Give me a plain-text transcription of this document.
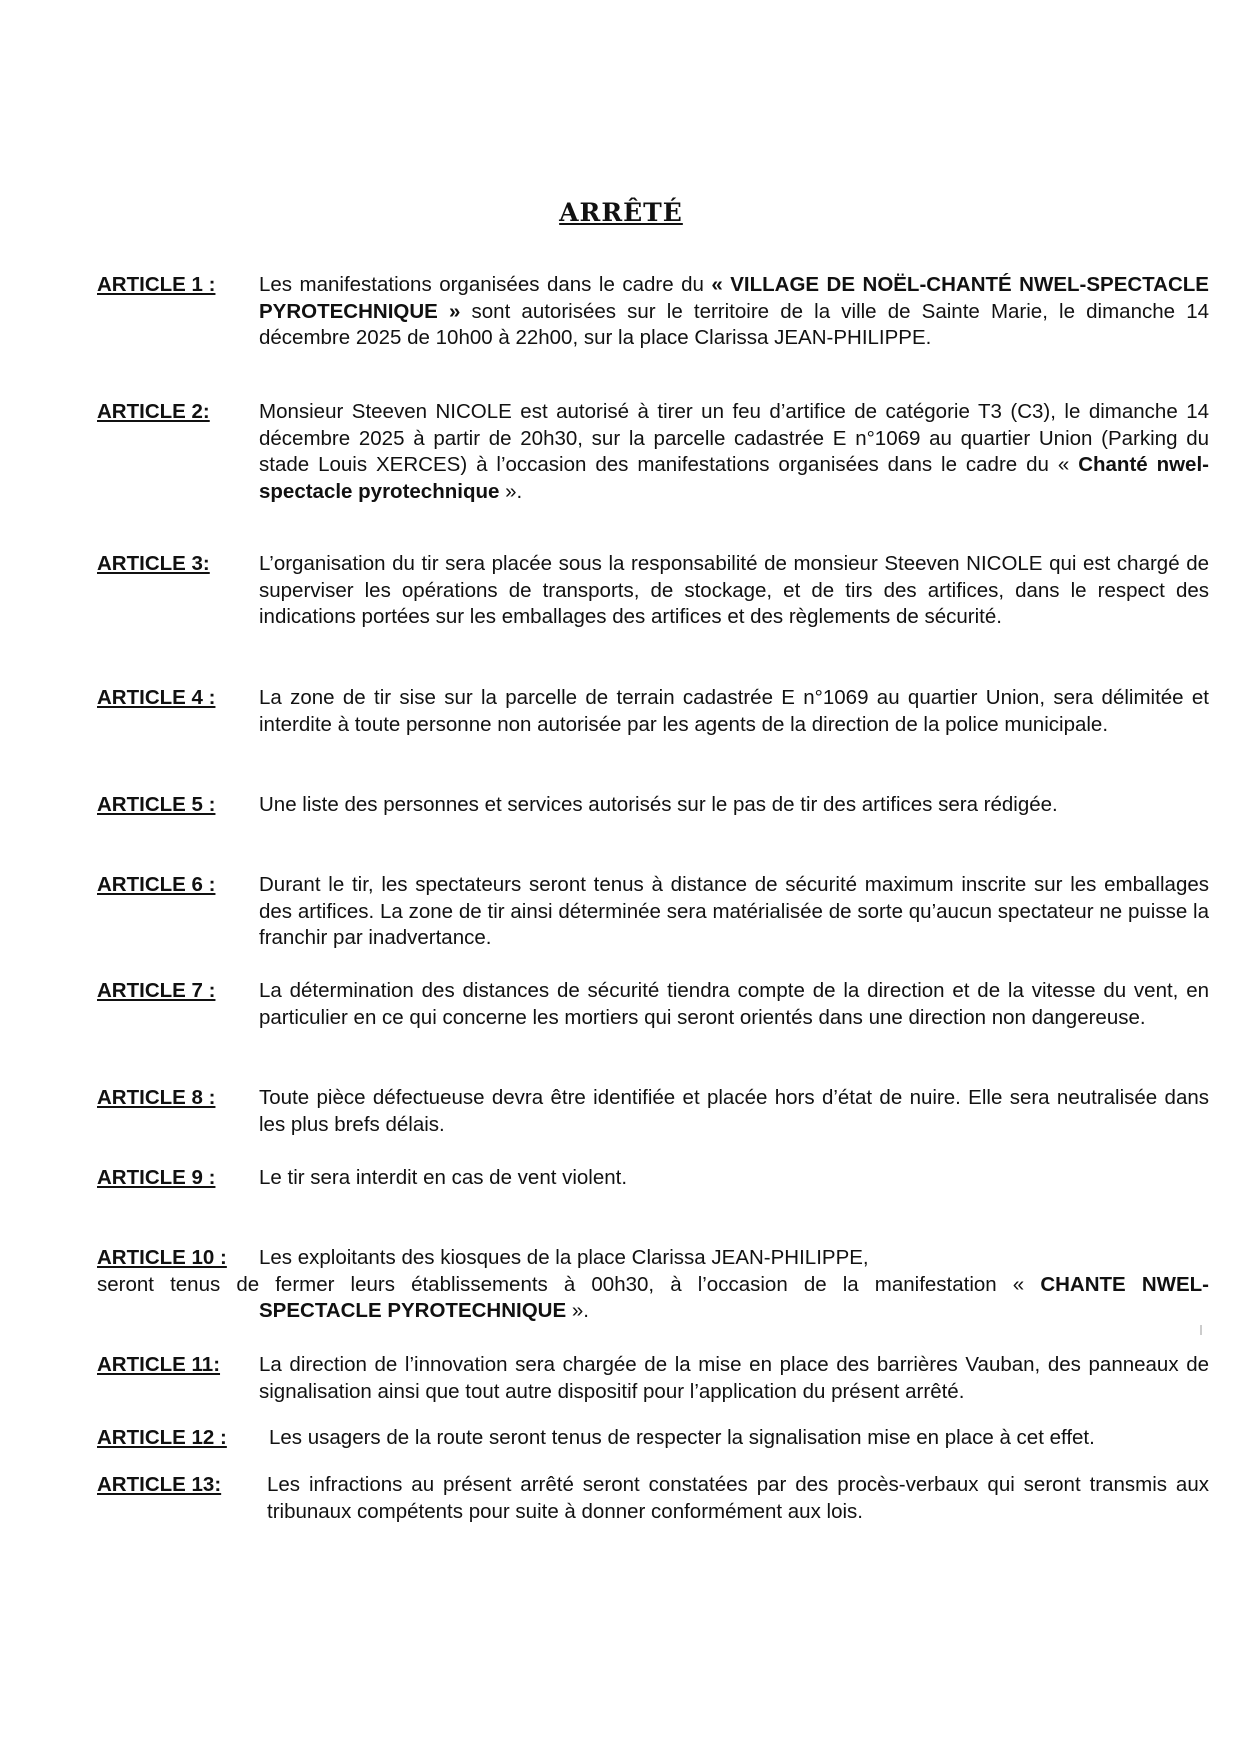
ARRÊTÉ
ARTICLE 1 : Les manifestations organisées dans le cadre du « VILLAGE DE NOËL-CHANTÉ NWEL-SPECTACLE PYROTECHNIQUE » sont autorisées sur le territoire de la ville de Sainte Marie, le dimanche 14 décembre 2025 de 10h00 à 22h00, sur la place Clarissa JEAN-PHILIPPE.
ARTICLE 2: Monsieur Steeven NICOLE est autorisé à tirer un feu d’artifice de catégorie T3 (C3), le dimanche 14 décembre 2025 à partir de 20h30, sur la parcelle cadastrée E n°1069 au quartier Union (Parking du stade Louis XERCES) à l’occasion des manifestations organisées dans le cadre du « Chanté nwel-spectacle pyrotechnique ».
ARTICLE 3: L’organisation du tir sera placée sous la responsabilité de monsieur Steeven NICOLE qui est chargé de superviser les opérations de transports, de stockage, et de tirs des artifices, dans le respect des indications portées sur les emballages des artifices et des règlements de sécurité.
ARTICLE 4 : La zone de tir sise sur la parcelle de terrain cadastrée E n°1069 au quartier Union, sera délimitée et interdite à toute personne non autorisée par les agents de la direction de la police municipale.
ARTICLE 5 : Une liste des personnes et services autorisés sur le pas de tir des artifices sera rédigée.
ARTICLE 6 : Durant le tir, les spectateurs seront tenus à distance de sécurité maximum inscrite sur les emballages des artifices. La zone de tir ainsi déterminée sera matérialisée de sorte qu’aucun spectateur ne puisse la franchir par inadvertance.
ARTICLE 7 : La détermination des distances de sécurité tiendra compte de la direction et de la vitesse du vent, en particulier en ce qui concerne les mortiers qui seront orientés dans une direction non dangereuse.
ARTICLE 8 : Toute pièce défectueuse devra être identifiée et placée hors d’état de nuire. Elle sera neutralisée dans les plus brefs délais.
ARTICLE 9 : Le tir sera interdit en cas de vent violent.
ARTICLE 10 : Les exploitants des kiosques de la place Clarissa JEAN-PHILIPPE,
seront tenus de fermer leurs établissements à 00h30, à l’occasion de la manifestation « CHANTE NWEL-
SPECTACLE PYROTECHNIQUE ».
ARTICLE 11: La direction de l’innovation sera chargée de la mise en place des barrières Vauban, des panneaux de signalisation ainsi que tout autre dispositif pour l’application du présent arrêté.
ARTICLE 12 : Les usagers de la route seront tenus de respecter la signalisation mise en place à cet effet.
ARTICLE 13: Les infractions au présent arrêté seront constatées par des procès-verbaux qui seront transmis aux tribunaux compétents pour suite à donner conformément aux lois.
